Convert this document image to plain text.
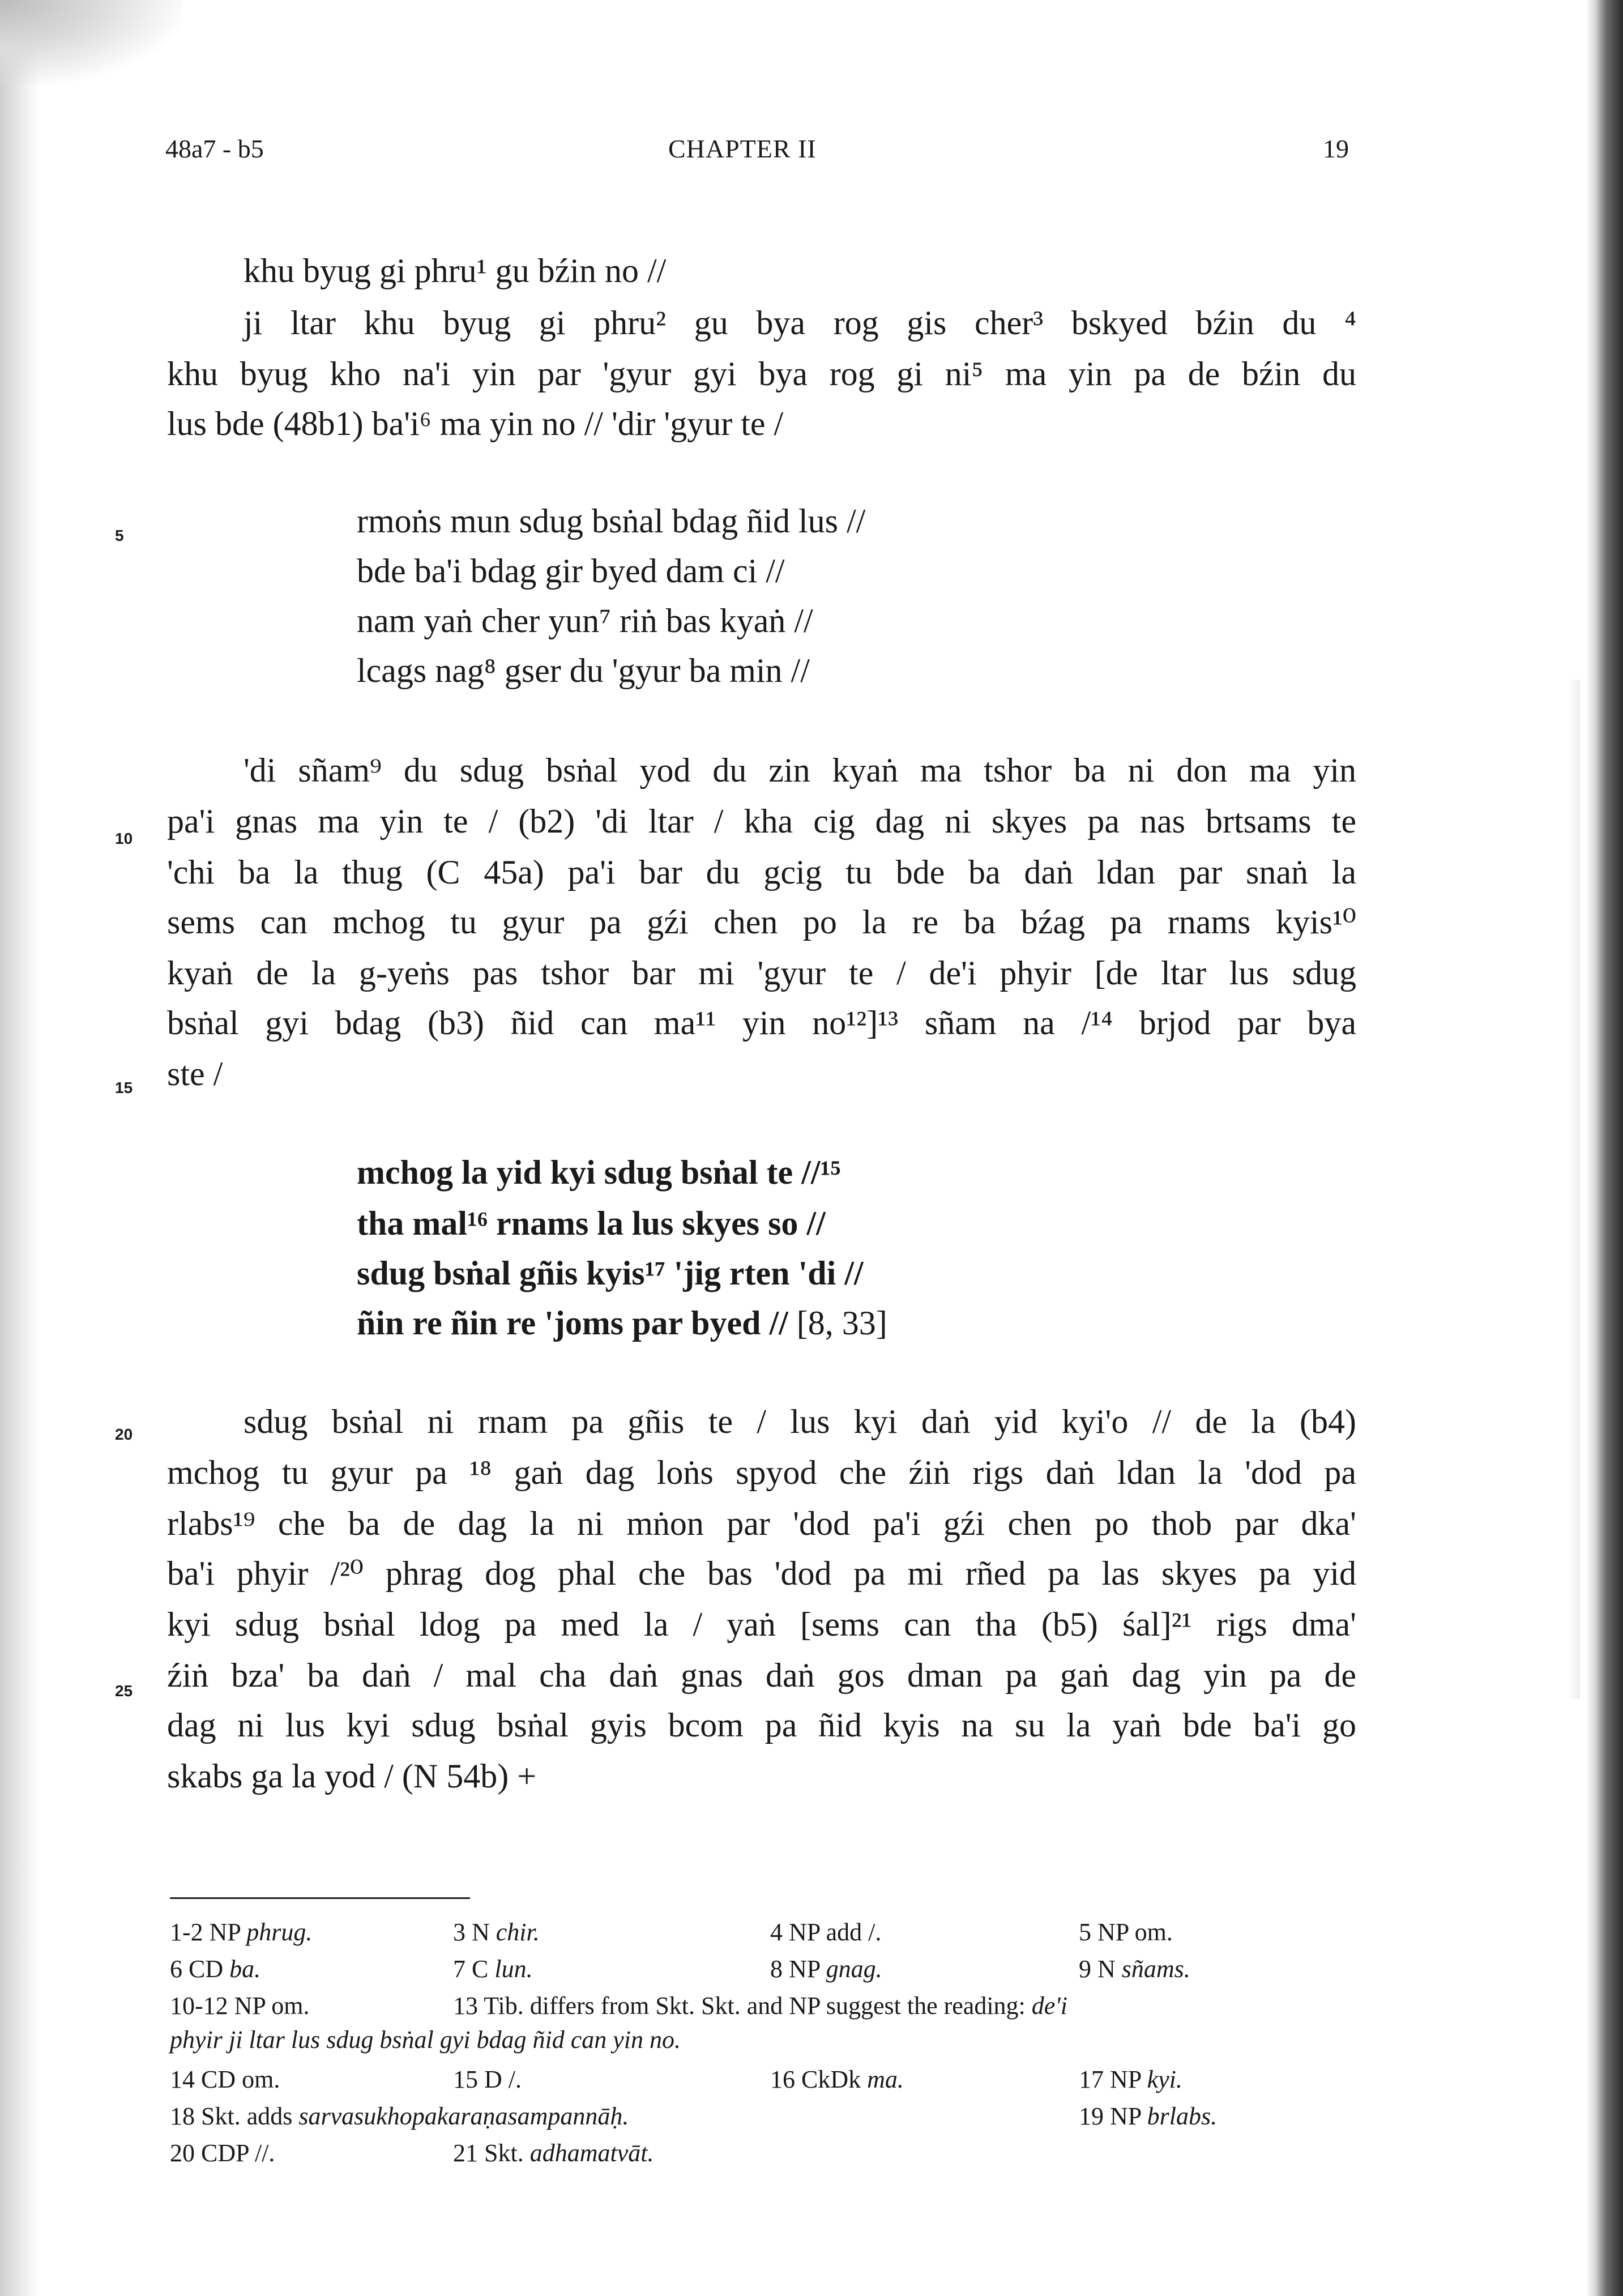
48a7 - b5	CHAPTER II	19
5
10
15
20
25
khu byug gi phru¹ gu bźin no //
ji ltar khu byug gi phru² gu bya rog gis cher³ bskyed bźin du ⁴
khu byug kho na'i yin par 'gyur gyi bya rog gi ni⁵ ma yin pa de bźin du
lus bde (48b1) ba'i⁶ ma yin no // 'dir 'gyur te /
rmoṅs mun sdug bsṅal bdag ñid lus //
bde ba'i bdag gir byed dam ci //
nam yaṅ cher yun⁷ riṅ bas kyaṅ //
lcags nag⁸ gser du 'gyur ba min //
'di sñam⁹ du sdug bsṅal yod du zin kyaṅ ma tshor ba ni don ma yin
pa'i gnas ma yin te / (b2) 'di ltar / kha cig dag ni skyes pa nas brtsams te
'chi ba la thug (C 45a) pa'i bar du gcig tu bde ba daṅ ldan par snaṅ la
sems can mchog tu gyur pa gźi chen po la re ba bźag pa rnams kyis¹⁰
kyaṅ de la g-yeṅs pas tshor bar mi 'gyur te / de'i phyir [de ltar lus sdug
bsṅal gyi bdag (b3) ñid can ma¹¹ yin no¹²]¹³ sñam na /¹⁴ brjod par bya
ste /
mchog la yid kyi sdug bsṅal te //¹⁵
tha mal¹⁶ rnams la lus skyes so //
sdug bsṅal gñis kyis¹⁷ 'jig rten 'di //
ñin re ñin re 'joms par byed // [8, 33]
sdug bsṅal ni rnam pa gñis te / lus kyi daṅ yid kyi'o // de la (b4)
mchog tu gyur pa ¹⁸ gaṅ dag loṅs spyod che źiṅ rigs daṅ ldan la 'dod pa
rlabs¹⁹ che ba de dag la ni mṅon par 'dod pa'i gźi chen po thob par dka'
ba'i phyir /²⁰ phrag dog phal che bas 'dod pa mi rñed pa las skyes pa yid
kyi sdug bsṅal ldog pa med la / yaṅ [sems can tha (b5) śal]²¹ rigs dma'
źiṅ bza' ba daṅ / mal cha daṅ gnas daṅ gos dman pa gaṅ dag yin pa de
dag ni lus kyi sdug bsṅal gyis bcom pa ñid kyis na su la yaṅ bde ba'i go
skabs ga la yod / (N 54b) +
1-2 NP phrug.	3 N chir.	4 NP add /.	5 NP om.
6 CD ba.	7 C lun.	8 NP gnag.	9 N sñams.
10-12 NP om.	13 Tib. differs from Skt. Skt. and NP suggest the reading: de'i
phyir ji ltar lus sdug bsṅal gyi bdag ñid can yin no.
14 CD om.	15 D /.	16 CkDk ma.	17 NP kyi.
18 Skt. adds sarvasukhopakaraṇasampannāḥ.	19 NP brlabs.
20 CDP //.	21 Skt. adhamatvāt.
